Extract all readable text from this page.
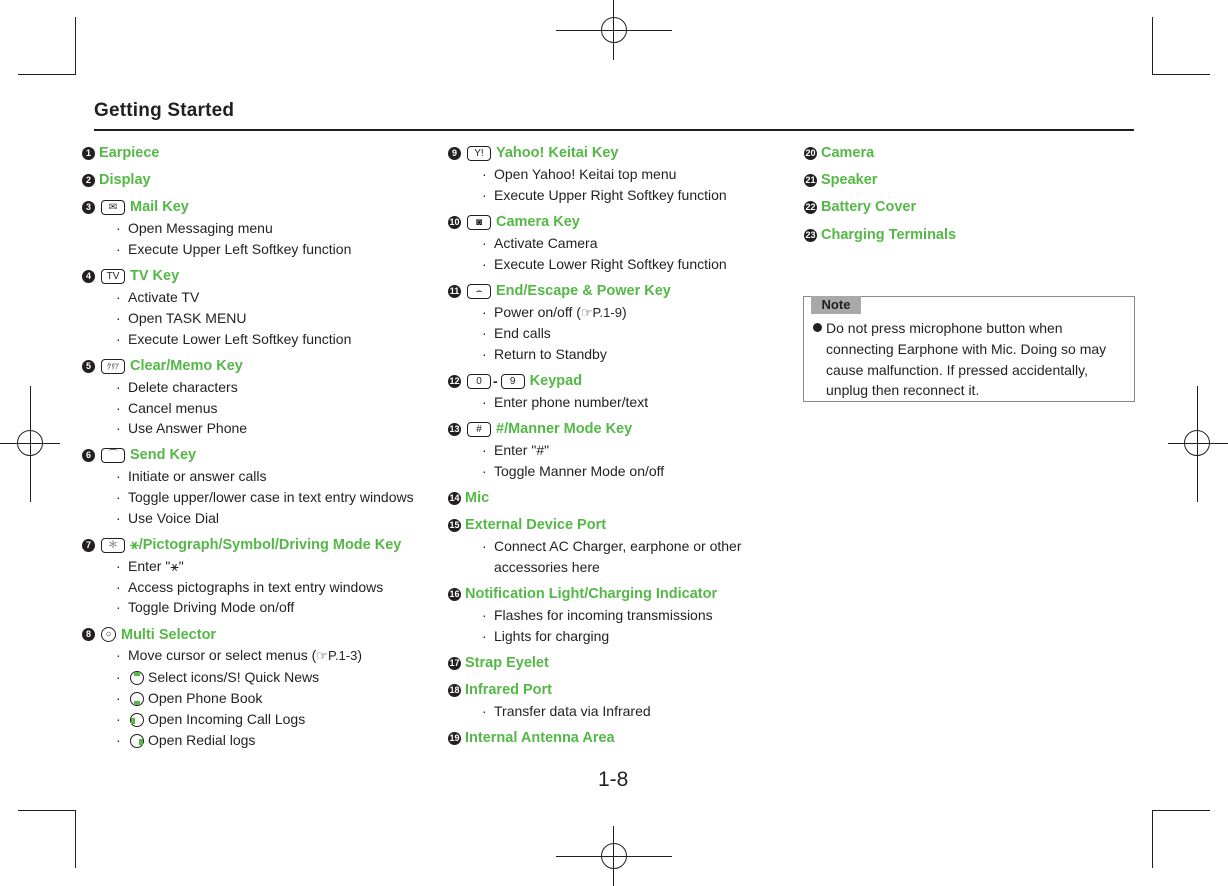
Getting Started
1 Earpiece
2 Display
3	✉ Mail Key
· Open Messaging menu
· Execute Upper Left Softkey function
4	TV TV Key
· Activate TV
· Open TASK MENU
· Execute Lower Left Softkey function
5	ｸﾘｱ Clear/Memo Key
· Delete characters
· Cancel menus
· Use Answer Phone
6	⌒ Send Key
· Initiate or answer calls
· Toggle upper/lower case in text entry windows
· Use Voice Dial
7	＊ ⚹/Pictograph/Symbol/Driving Mode Key
· Enter "⚹"
· Access pictographs in text entry windows
· Toggle Driving Mode on/off
8	○ Multi Selector
· Move cursor or select menus (☞P.1-3)
· Select icons/S! Quick News
· Open Phone Book
· Open Incoming Call Logs
· Open Redial logs
9	Y! Yahoo! Keitai Key
· Open Yahoo! Keitai top menu
· Execute Upper Right Softkey function
10	◙ Camera Key
· Activate Camera
· Execute Lower Right Softkey function
11	⌢ End/Escape & Power Key
· Power on/off (☞P.1-9)
· End calls
· Return to Standby
12	0 -	9 Keypad
· Enter phone number/text
13	# #/Manner Mode Key
· Enter "#"
· Toggle Manner Mode on/off
14 Mic
15 External Device Port
· Connect AC Charger, earphone or other accessories here
16 Notification Light/Charging Indicator
· Flashes for incoming transmissions
· Lights for charging
17 Strap Eyelet
18 Infrared Port
· Transfer data via Infrared
19 Internal Antenna Area
20 Camera
21 Speaker
22 Battery Cover
23 Charging Terminals
Note
Do not press microphone button when connecting Earphone with Mic. Doing so may cause malfunction. If pressed accidentally, unplug then reconnect it.
1-8
